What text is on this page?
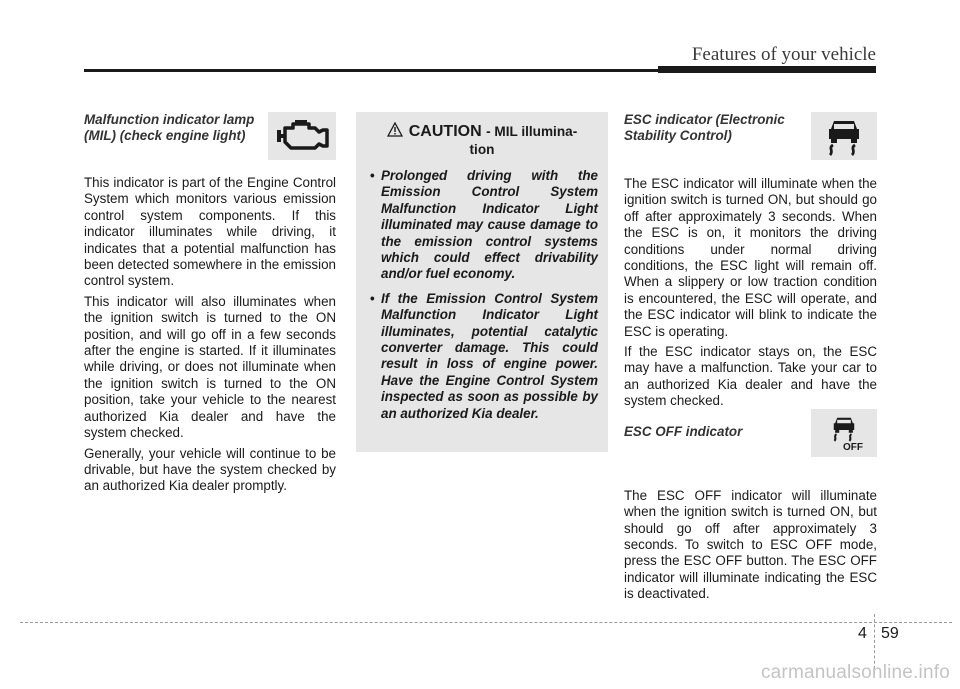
Features of your vehicle
Malfunction indicator lamp
(MIL) (check engine light)

This indicator is part of the Engine Control System which monitors various emission control system components. If this indicator illuminates while driving, it indicates that a potential malfunction has been detected somewhere in the emission control system.

This indicator will also illuminates when the ignition switch is turned to the ON position, and will go off in a few seconds after the engine is started. If it illuminates while driving, or does not illuminate when the ignition switch is turned to the ON position, take your vehicle to the nearest authorized Kia dealer and have the system checked.

Generally, your vehicle will continue to be drivable, but have the system checked by an authorized Kia dealer promptly.

CAUTION - MIL illumina-
tion
• Prolonged driving with the Emission Control System Malfunction Indicator Light illuminated may cause damage to the emission control systems which could effect drivability and/or fuel economy.
• If the Emission Control System Malfunction Indicator Light illuminates, potential catalytic converter damage. This could result in loss of engine power. Have the Engine Control System inspected as soon as possible by an authorized Kia dealer.
ESC indicator (Electronic
Stability Control)

The ESC indicator will illuminate when the ignition switch is turned ON, but should go off after approximately 3 seconds. When the ESC is on, it monitors the driving conditions under normal driving conditions, the ESC light will remain off. When a slippery or low traction condition is encountered, the ESC will operate, and the ESC indicator will blink to indicate the ESC is operating.

If the ESC indicator stays on, the ESC may have a malfunction. Take your car to an authorized Kia dealer and have the system checked.

ESC OFF indicator

The ESC OFF indicator will illuminate when the ignition switch is turned ON, but should go off after approximately 3 seconds. To switch to ESC OFF mode, press the ESC OFF button. The ESC OFF indicator will illuminate indicating the ESC is deactivated.

OFF
4 59
carmanualsonline.info
